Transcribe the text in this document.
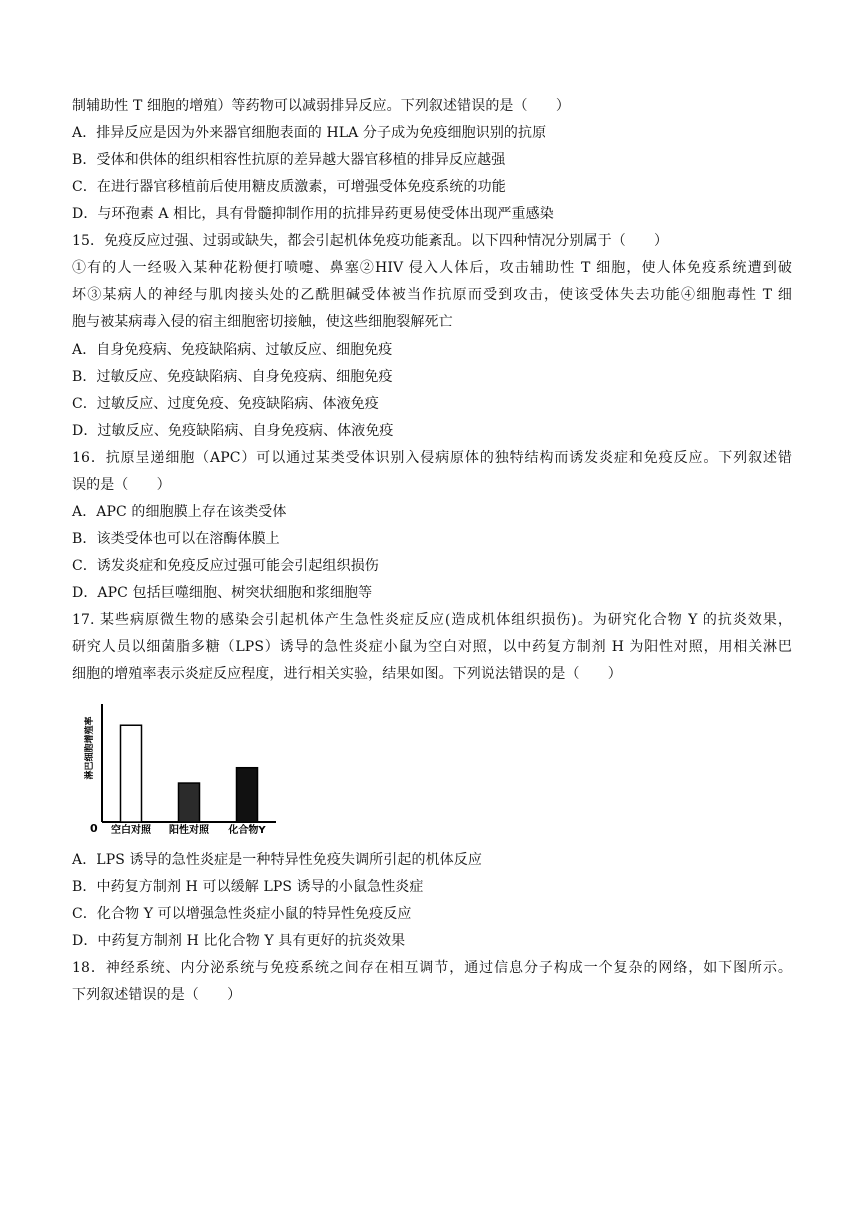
制辅助性 T 细胞的增殖）等药物可以减弱排异反应。下列叙述错误的是（　　）
A．排异反应是因为外来器官细胞表面的 HLA 分子成为免疫细胞识别的抗原
B．受体和供体的组织相容性抗原的差异越大器官移植的排异反应越强
C．在进行器官移植前后使用糖皮质激素，可增强受体免疫系统的功能
D．与环孢素 A 相比，具有骨髓抑制作用的抗排异药更易使受体出现严重感染
15．免疫反应过强、过弱或缺失，都会引起机体免疫功能紊乱。以下四种情况分别属于（　　）
①有的人一经吸入某种花粉便打喷嚏、鼻塞②HIV 侵入人体后，攻击辅助性 T 细胞，使人体免疫系统遭到破
坏③某病人的神经与肌肉接头处的乙酰胆碱受体被当作抗原而受到攻击，使该受体失去功能④细胞毒性 T 细
胞与被某病毒入侵的宿主细胞密切接触，使这些细胞裂解死亡
A．自身免疫病、免疫缺陷病、过敏反应、细胞免疫
B．过敏反应、免疫缺陷病、自身免疫病、细胞免疫
C．过敏反应、过度免疫、免疫缺陷病、体液免疫
D．过敏反应、免疫缺陷病、自身免疫病、体液免疫
16．抗原呈递细胞（APC）可以通过某类受体识别入侵病原体的独特结构而诱发炎症和免疫反应。下列叙述错
误的是（　　）
A．APC 的细胞膜上存在该类受体
B．该类受体也可以在溶酶体膜上
C．诱发炎症和免疫反应过强可能会引起组织损伤
D．APC 包括巨噬细胞、树突状细胞和浆细胞等
17. 某些病原微生物的感染会引起机体产生急性炎症反应(造成机体组织损伤)。为研究化合物 Y 的抗炎效果，
研究人员以细菌脂多糖（LPS）诱导的急性炎症小鼠为空白对照，以中药复方制剂 H 为阳性对照，用相关淋巴
细胞的增殖率表示炎症反应程度，进行相关实验，结果如图。下列说法错误的是（　　）
0
淋巴细胞增殖率
空白对照 阳性对照 化合物Y
A．LPS 诱导的急性炎症是一种特异性免疫失调所引起的机体反应
B．中药复方制剂 H 可以缓解 LPS 诱导的小鼠急性炎症
C．化合物 Y 可以增强急性炎症小鼠的特异性免疫反应
D．中药复方制剂 H 比化合物 Y 具有更好的抗炎效果
18．神经系统、内分泌系统与免疫系统之间存在相互调节，通过信息分子构成一个复杂的网络，如下图所示。
下列叙述错误的是（　　）
